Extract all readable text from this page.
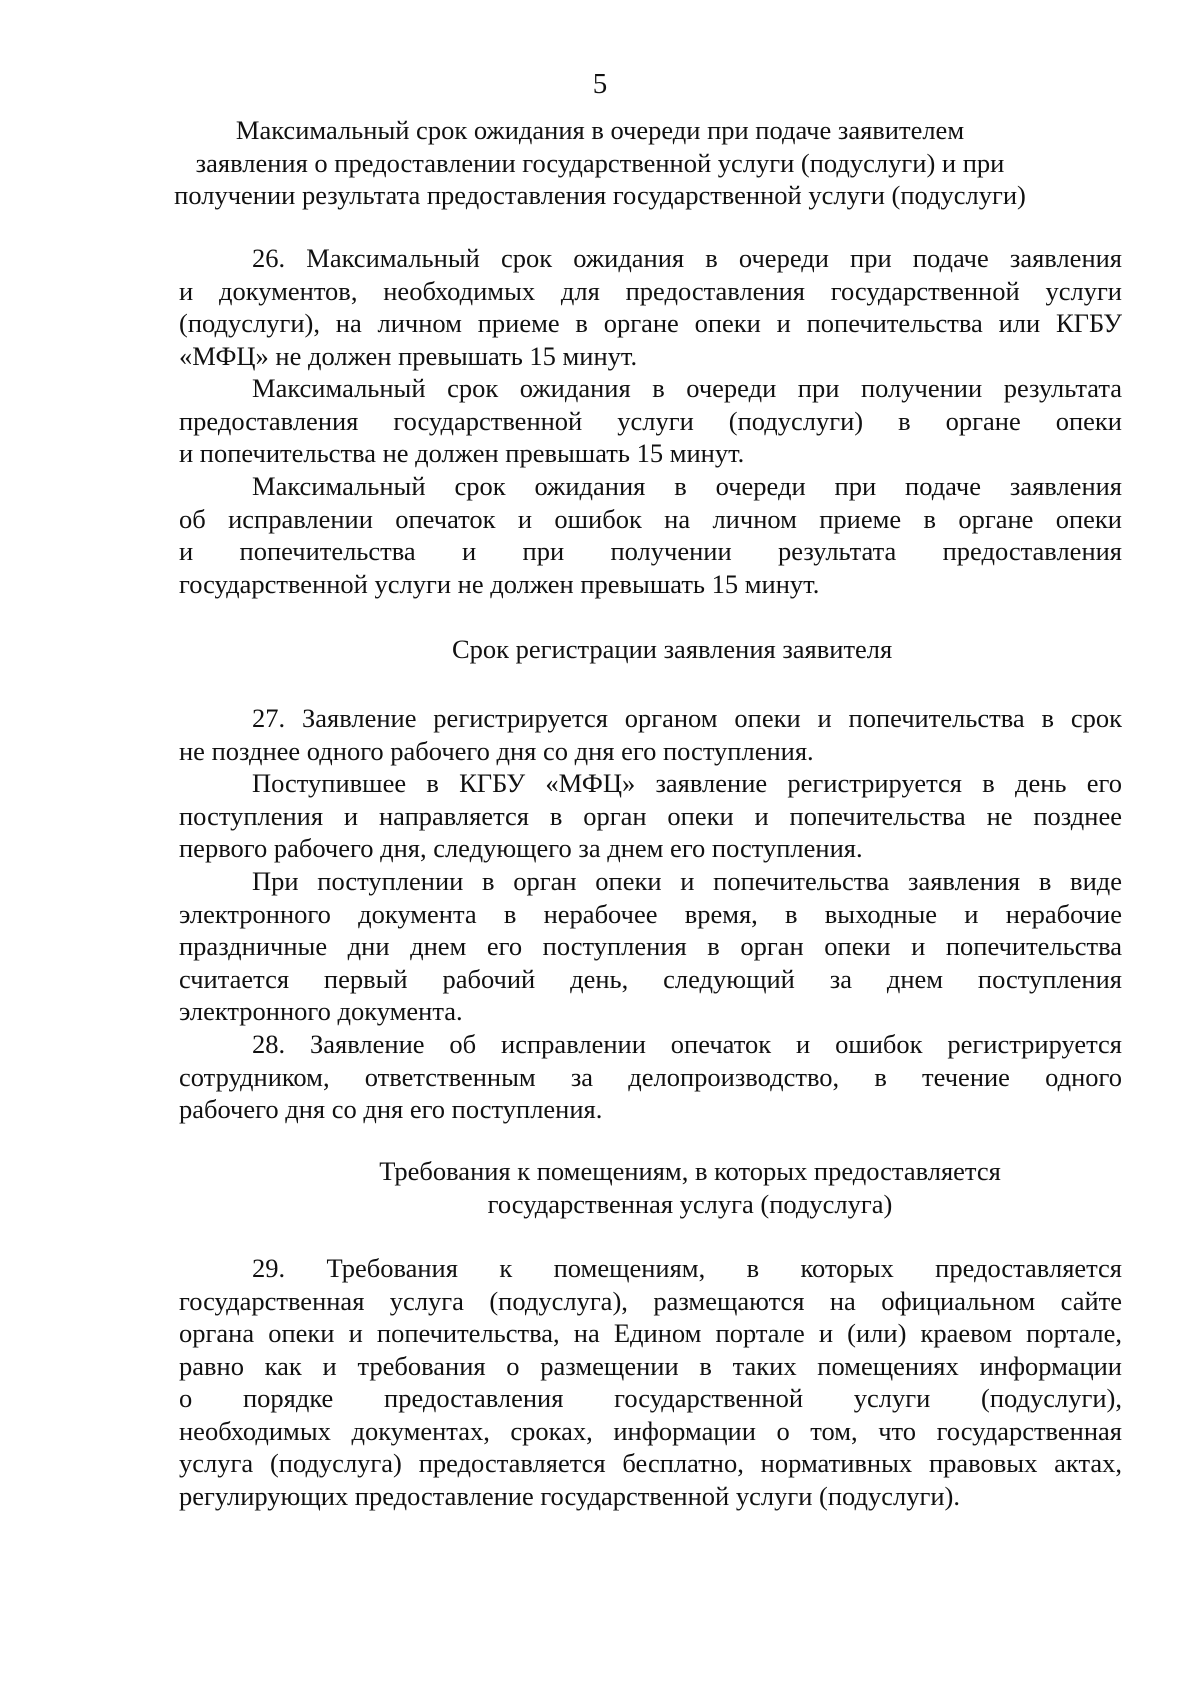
5
Максимальный срок ожидания в очереди при подаче заявителем
заявления о предоставлении государственной услуги (подуслуги) и при
получении результата предоставления государственной услуги (подуслуги)
26. Максимальный срок ожидания в очереди при подаче заявления
и документов, необходимых для предоставления государственной услуги
(подуслуги), на личном приеме в органе опеки и попечительства или КГБУ
«МФЦ» не должен превышать 15 минут.
Максимальный срок ожидания в очереди при получении результата
предоставления государственной услуги (подуслуги) в органе опеки
и попечительства не должен превышать 15 минут.
Максимальный срок ожидания в очереди при подаче заявления
об исправлении опечаток и ошибок на личном приеме в органе опеки
и попечительства и при получении результата предоставления
государственной услуги не должен превышать 15 минут.
Срок регистрации заявления заявителя
27. Заявление регистрируется органом опеки и попечительства в срок
не позднее одного рабочего дня со дня его поступления.
Поступившее в КГБУ «МФЦ» заявление регистрируется в день его
поступления и направляется в орган опеки и попечительства не позднее
первого рабочего дня, следующего за днем его поступления.
При поступлении в орган опеки и попечительства заявления в виде
электронного документа в нерабочее время, в выходные и нерабочие
праздничные дни днем его поступления в орган опеки и попечительства
считается первый рабочий день, следующий за днем поступления
электронного документа.
28. Заявление об исправлении опечаток и ошибок регистрируется
сотрудником, ответственным за делопроизводство, в течение одного
рабочего дня со дня его поступления.
Требования к помещениям, в которых предоставляется
государственная услуга (подуслуга)
29. Требования к помещениям, в которых предоставляется
государственная услуга (подуслуга), размещаются на официальном сайте
органа опеки и попечительства, на Едином портале и (или) краевом портале,
равно как и требования о размещении в таких помещениях информации
о порядке предоставления государственной услуги (подуслуги),
необходимых документах, сроках, информации о том, что государственная
услуга (подуслуга) предоставляется бесплатно, нормативных правовых актах,
регулирующих предоставление государственной услуги (подуслуги).
